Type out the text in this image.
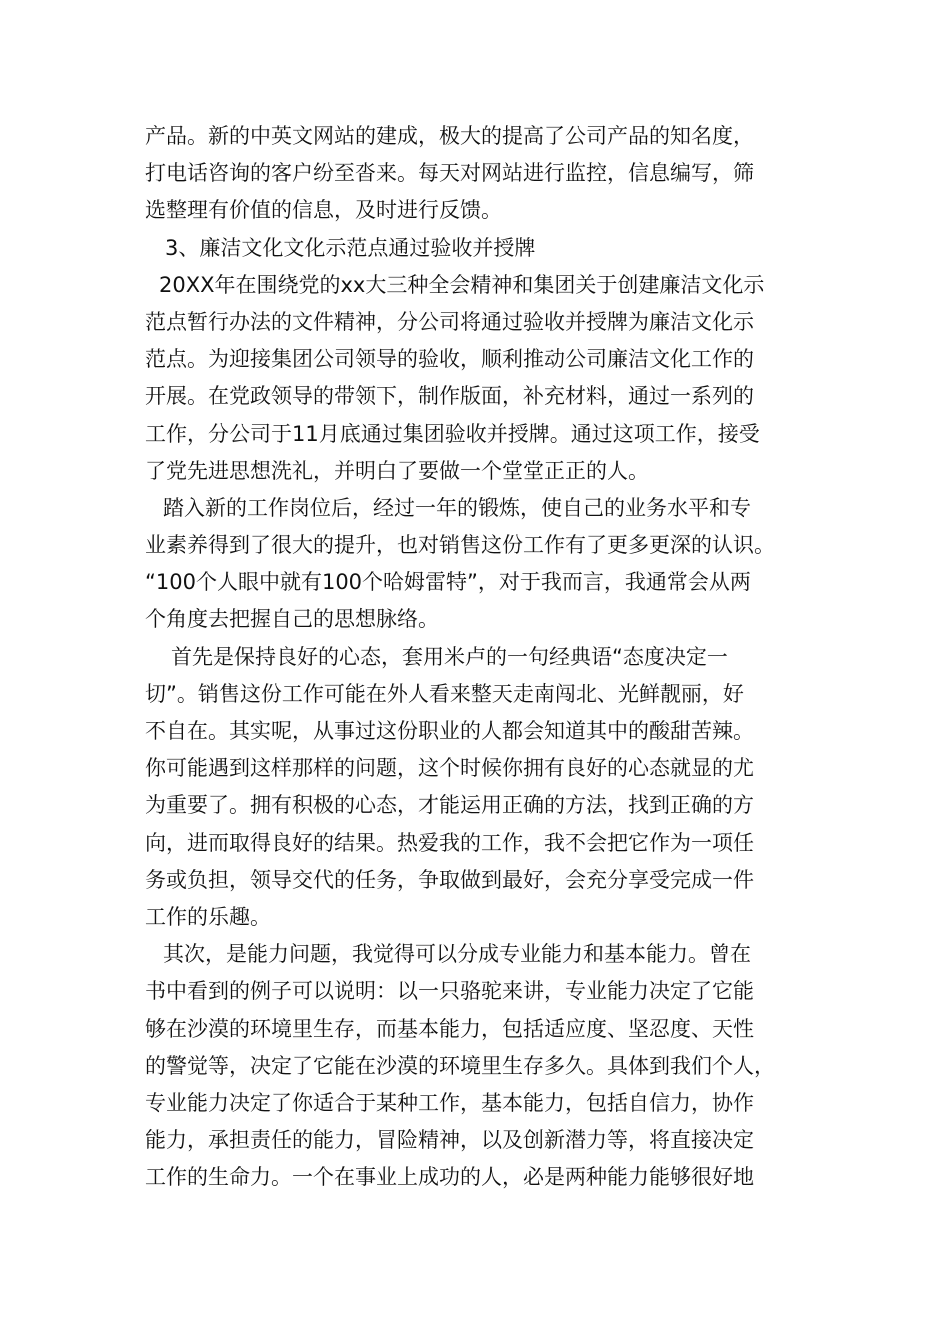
产品。新的中英文网站的建成，极大的提高了公司产品的知名度，
打电话咨询的客户纷至沓来。每天对网站进行监控，信息编写，筛
选整理有价值的信息，及时进行反馈。
3、廉洁文化文化示范点通过验收并授牌
20XX年在围绕党的xx大三种全会精神和集团关于创建廉洁文化示
范点暂行办法的文件精神，分公司将通过验收并授牌为廉洁文化示
范点。为迎接集团公司领导的验收，顺利推动公司廉洁文化工作的
开展。在党政领导的带领下，制作版面，补充材料，通过一系列的
工作，分公司于11月底通过集团验收并授牌。通过这项工作，接受
了党先进思想洗礼，并明白了要做一个堂堂正正的人。
踏入新的工作岗位后，经过一年的锻炼，使自己的业务水平和专
业素养得到了很大的提升，也对销售这份工作有了更多更深的认识。
“100个人眼中就有100个哈姆雷特”，对于我而言，我通常会从两
个角度去把握自己的思想脉络。
首先是保持良好的心态，套用米卢的一句经典语“态度决定一
切”。销售这份工作可能在外人看来整天走南闯北、光鲜靓丽，好
不自在。其实呢，从事过这份职业的人都会知道其中的酸甜苦辣。
你可能遇到这样那样的问题，这个时候你拥有良好的心态就显的尤
为重要了。拥有积极的心态，才能运用正确的方法，找到正确的方
向，进而取得良好的结果。热爱我的工作，我不会把它作为一项任
务或负担，领导交代的任务，争取做到最好，会充分享受完成一件
工作的乐趣。
其次，是能力问题，我觉得可以分成专业能力和基本能力。曾在
书中看到的例子可以说明：以一只骆驼来讲，专业能力决定了它能
够在沙漠的环境里生存，而基本能力，包括适应度、坚忍度、天性
的警觉等，决定了它能在沙漠的环境里生存多久。具体到我们个人，
专业能力决定了你适合于某种工作，基本能力，包括自信力，协作
能力，承担责任的能力，冒险精神，以及创新潜力等，将直接决定
工作的生命力。一个在事业上成功的人，必是两种能力能够很好地
